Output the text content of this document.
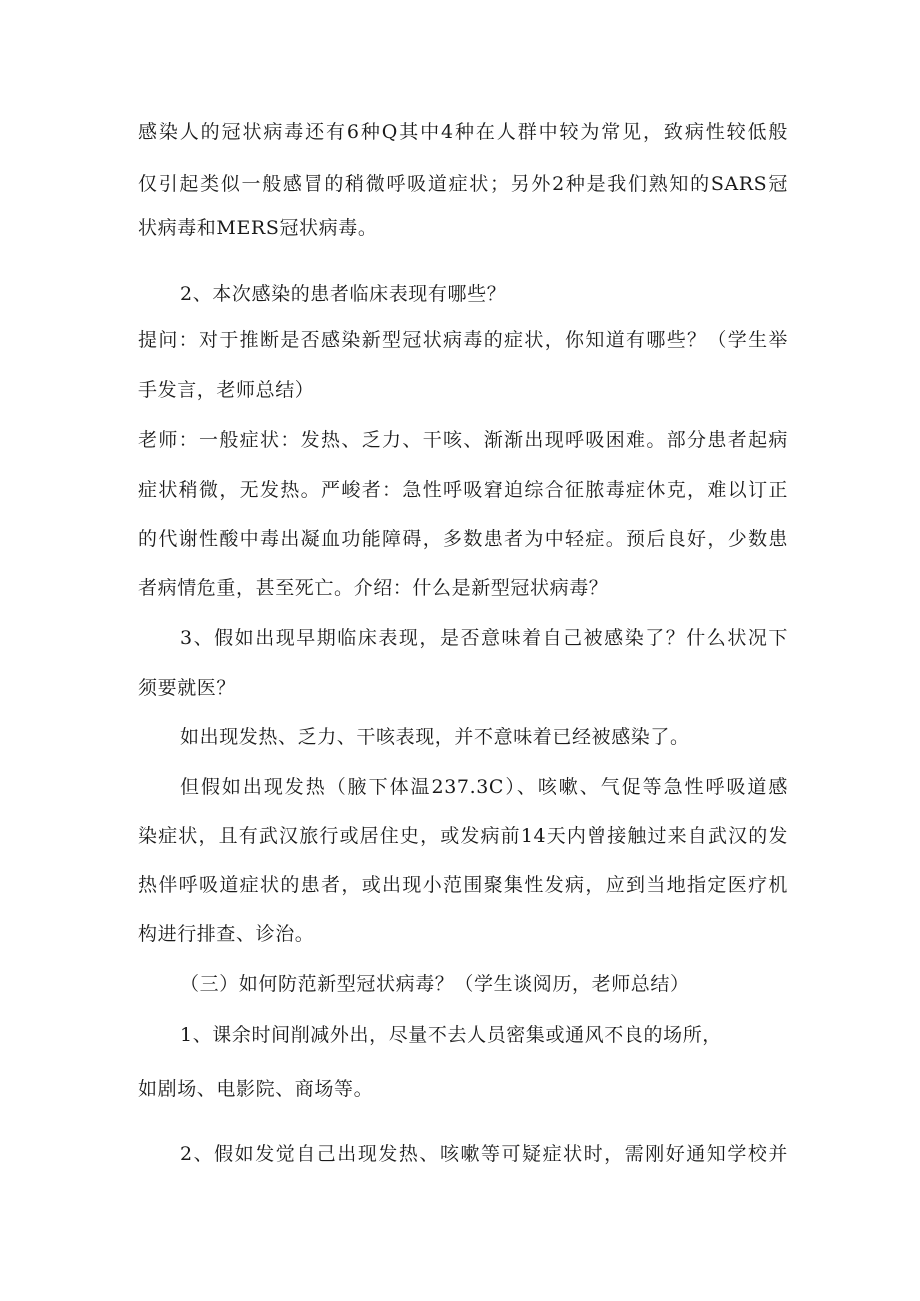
感染人的冠状病毒还有6种Q其中4种在人群中较为常见，致病性较低般
仅引起类似一般感冒的稍微呼吸道症状；另外2种是我们熟知的SARS冠
状病毒和MERS冠状病毒。
2、本次感染的患者临床表现有哪些？
提问：对于推断是否感染新型冠状病毒的症状，你知道有哪些？（学生举
手发言，老师总结）
老师：一般症状：发热、乏力、干咳、渐渐出现呼吸困难。部分患者起病
症状稍微，无发热。严峻者：急性呼吸窘迫综合征脓毒症休克，难以订正
的代谢性酸中毒出凝血功能障碍，多数患者为中轻症。预后良好，少数患
者病情危重，甚至死亡。介绍：什么是新型冠状病毒？
3、假如出现早期临床表现，是否意味着自己被感染了？什么状况下
须要就医？
如出现发热、乏力、干咳表现，并不意味着已经被感染了。
但假如出现发热（腋下体温237.3C）、咳嗽、气促等急性呼吸道感
染症状，且有武汉旅行或居住史，或发病前14天内曾接触过来自武汉的发
热伴呼吸道症状的患者，或出现小范围聚集性发病，应到当地指定医疗机
构进行排查、诊治。
（三）如何防范新型冠状病毒？（学生谈阅历，老师总结）
1、课余时间削减外出，尽量不去人员密集或通风不良的场所，
如剧场、电影院、商场等。
2、假如发觉自己出现发热、咳嗽等可疑症状时，需刚好通知学校并
